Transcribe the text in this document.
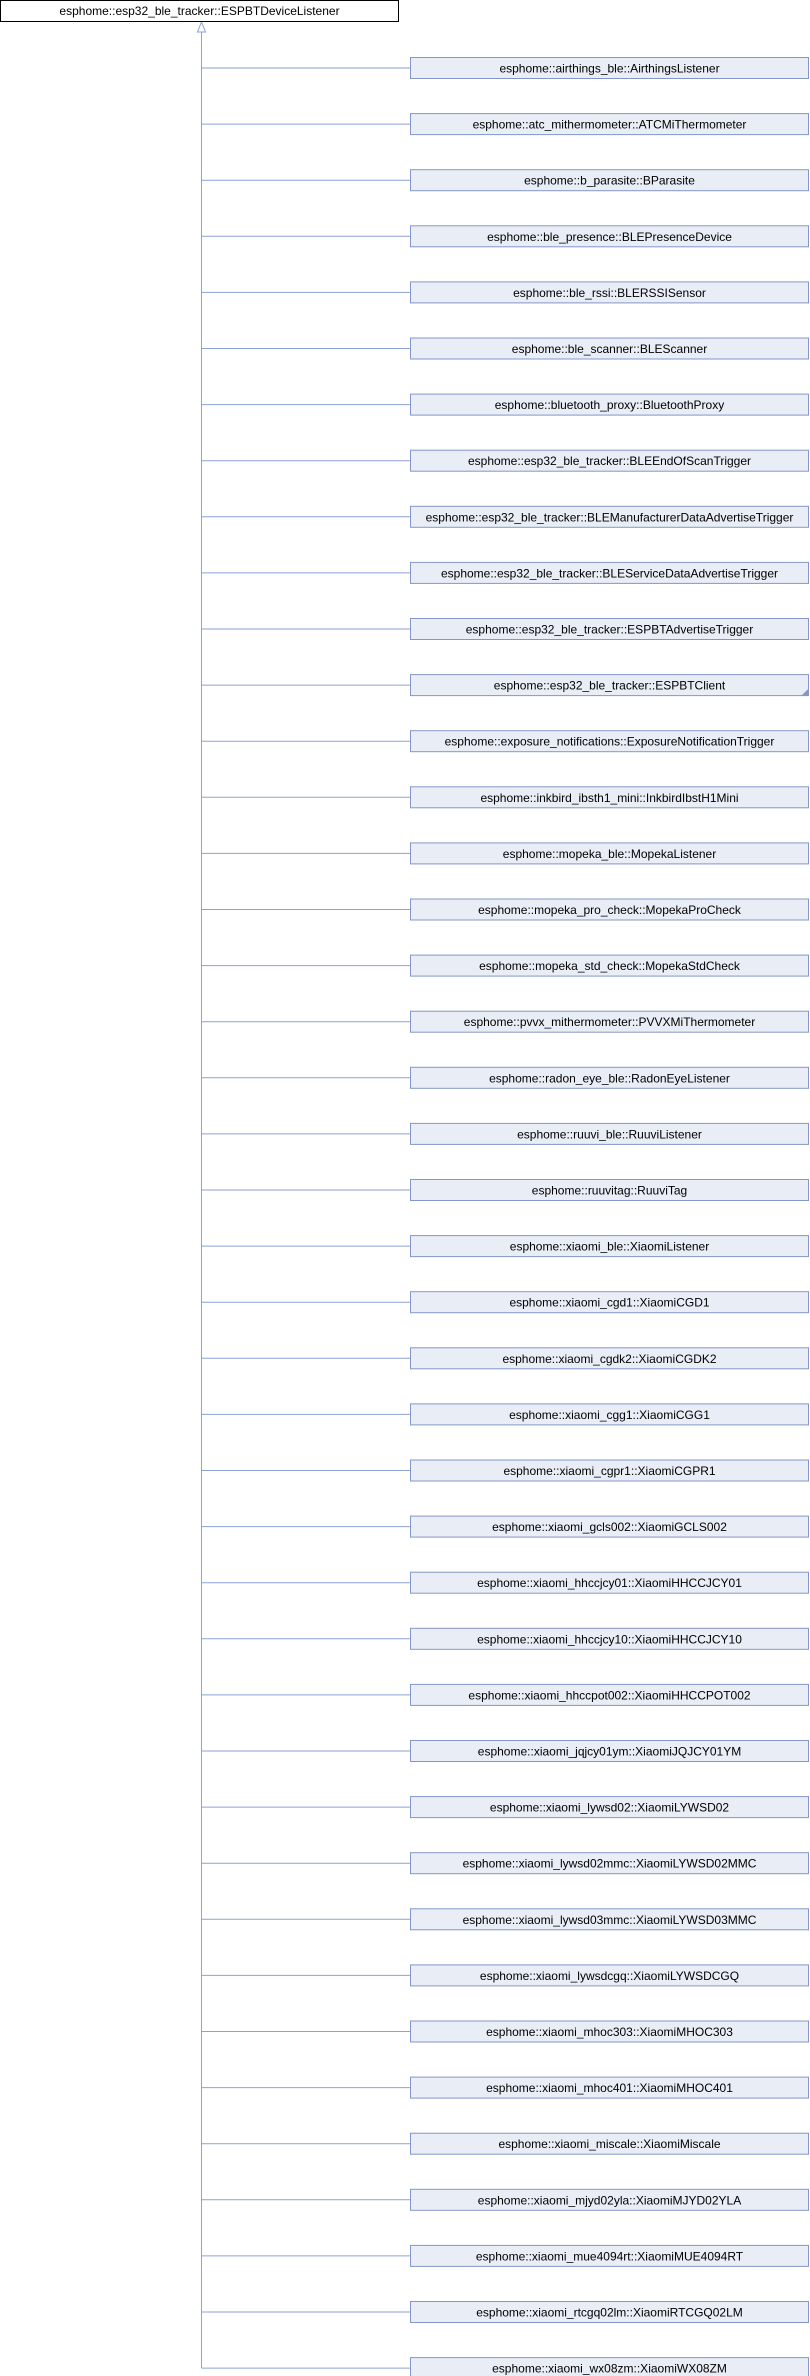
esphome::esp32_ble_tracker::ESPBTDeviceListener
esphome::airthings_ble::AirthingsListener
esphome::atc_mithermometer::ATCMiThermometer
esphome::b_parasite::BParasite
esphome::ble_presence::BLEPresenceDevice
esphome::ble_rssi::BLERSSISensor
esphome::ble_scanner::BLEScanner
esphome::bluetooth_proxy::BluetoothProxy
esphome::esp32_ble_tracker::BLEEndOfScanTrigger
esphome::esp32_ble_tracker::BLEManufacturerDataAdvertiseTrigger
esphome::esp32_ble_tracker::BLEServiceDataAdvertiseTrigger
esphome::esp32_ble_tracker::ESPBTAdvertiseTrigger
esphome::esp32_ble_tracker::ESPBTClient
esphome::exposure_notifications::ExposureNotificationTrigger
esphome::inkbird_ibsth1_mini::InkbirdIbstH1Mini
esphome::mopeka_ble::MopekaListener
esphome::mopeka_pro_check::MopekaProCheck
esphome::mopeka_std_check::MopekaStdCheck
esphome::pvvx_mithermometer::PVVXMiThermometer
esphome::radon_eye_ble::RadonEyeListener
esphome::ruuvi_ble::RuuviListener
esphome::ruuvitag::RuuviTag
esphome::xiaomi_ble::XiaomiListener
esphome::xiaomi_cgd1::XiaomiCGD1
esphome::xiaomi_cgdk2::XiaomiCGDK2
esphome::xiaomi_cgg1::XiaomiCGG1
esphome::xiaomi_cgpr1::XiaomiCGPR1
esphome::xiaomi_gcls002::XiaomiGCLS002
esphome::xiaomi_hhccjcy01::XiaomiHHCCJCY01
esphome::xiaomi_hhccjcy10::XiaomiHHCCJCY10
esphome::xiaomi_hhccpot002::XiaomiHHCCPOT002
esphome::xiaomi_jqjcy01ym::XiaomiJQJCY01YM
esphome::xiaomi_lywsd02::XiaomiLYWSD02
esphome::xiaomi_lywsd02mmc::XiaomiLYWSD02MMC
esphome::xiaomi_lywsd03mmc::XiaomiLYWSD03MMC
esphome::xiaomi_lywsdcgq::XiaomiLYWSDCGQ
esphome::xiaomi_mhoc303::XiaomiMHOC303
esphome::xiaomi_mhoc401::XiaomiMHOC401
esphome::xiaomi_miscale::XiaomiMiscale
esphome::xiaomi_mjyd02yla::XiaomiMJYD02YLA
esphome::xiaomi_mue4094rt::XiaomiMUE4094RT
esphome::xiaomi_rtcgq02lm::XiaomiRTCGQ02LM
esphome::xiaomi_wx08zm::XiaomiWX08ZM
